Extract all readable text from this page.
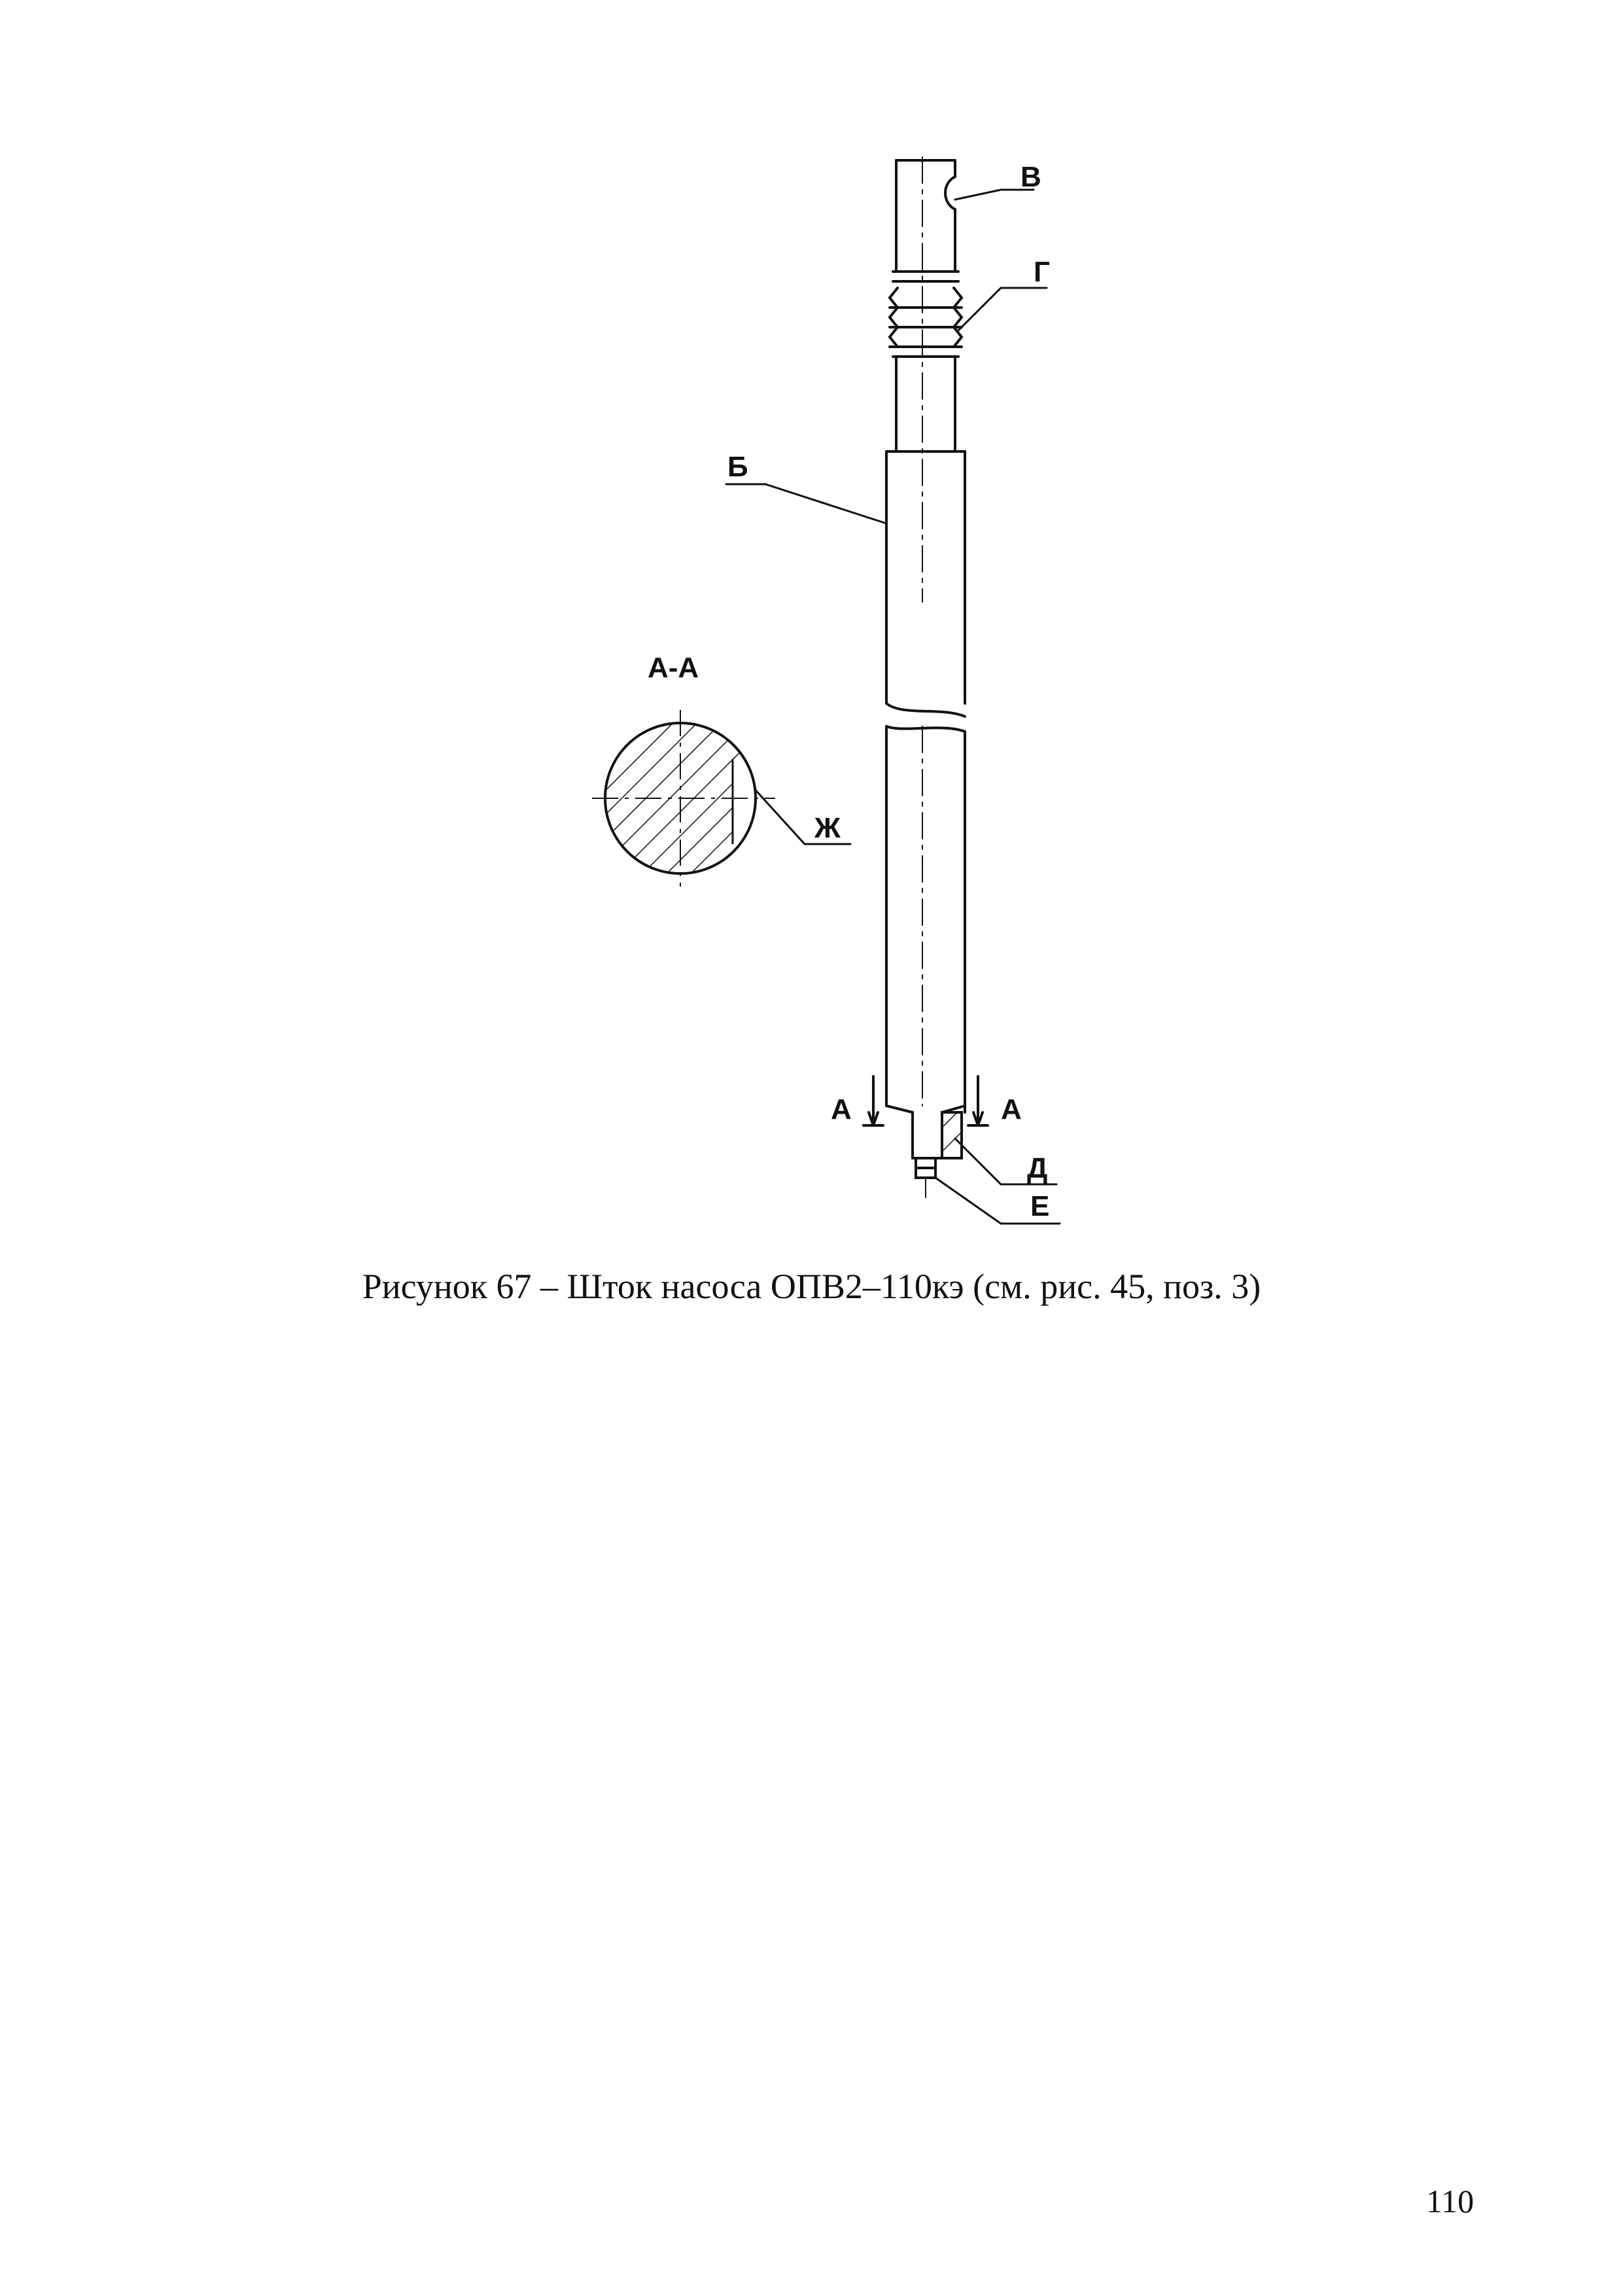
В
Г
Б
А-А
Ж
А	А
Д
Е

Рисунок 67 – Шток насоса ОПВ2–110кэ (см. рис. 45, поз. 3)

110
